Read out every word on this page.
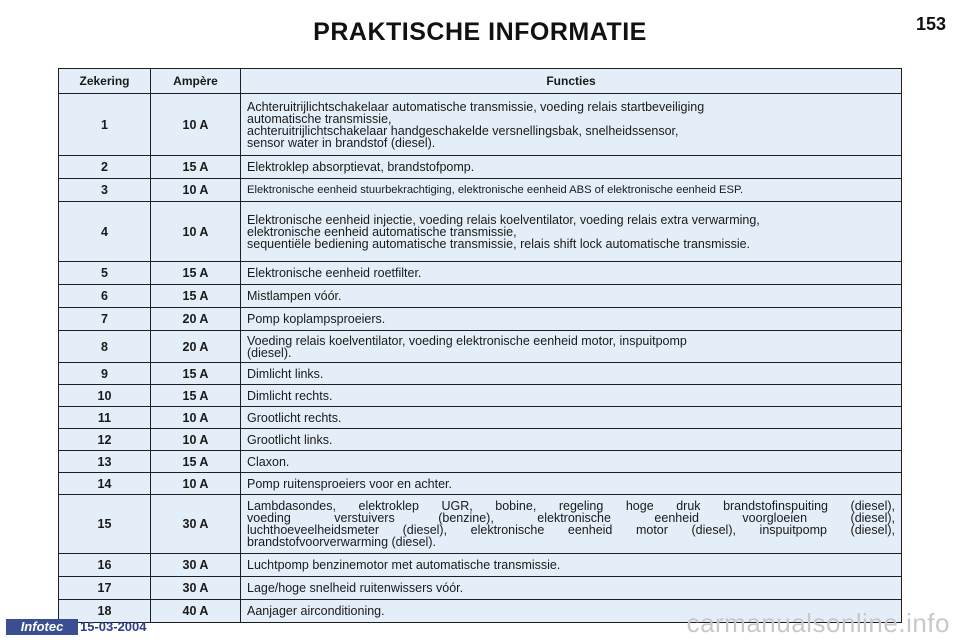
PRAKTISCHE INFORMATIE	153
Zekering	Ampère	Functies
1	10 A	Achteruitrijlichtschakelaar automatische transmissie, voeding relais startbeveiliging
automatische transmissie,
achteruitrijlichtschakelaar handgeschakelde versnellingsbak, snelheidssensor,
sensor water in brandstof (diesel).

2	15 A	Elektroklep absorptievat, brandstofpomp.

3	10 A	Elektronische eenheid stuurbekrachtiging, elektronische eenheid ABS of elektronische eenheid ESP.

4	10 A	Elektronische eenheid injectie, voeding relais koelventilator, voeding relais extra verwarming,
elektronische eenheid automatische transmissie,
sequentiële bediening automatische transmissie, relais shift lock automatische transmissie.

5	15 A	Elektronische eenheid roetfilter.

6	15 A	Mistlampen vóór.

7	20 A	Pomp koplampsproeiers.

8	20 A	Voeding relais koelventilator, voeding elektronische eenheid motor, inspuitpomp
(diesel).

9	15 A	Dimlicht links.

10	15 A	Dimlicht rechts.

11	10 A	Grootlicht rechts.

12	10 A	Grootlicht links.

13	15 A	Claxon.

14	10 A	Pomp ruitensproeiers voor en achter.

15	30 A	Lambdasondes, elektroklep UGR, bobine, regeling hoge druk brandstofinspuiting (diesel),
voeding verstuivers (benzine), elektronische eenheid voorgloeien (diesel),
luchthoeveelheidsmeter (diesel), elektronische eenheid motor (diesel), inspuitpomp (diesel),
brandstofvoorverwarming (diesel).

16	30 A	Luchtpomp benzinemotor met automatische transmissie.

17	30 A	Lage/hoge snelheid ruitenwissers vóór.

18	40 A	Aanjager airconditioning.
Infotec	15-03-2004	carmanualsonline.info
